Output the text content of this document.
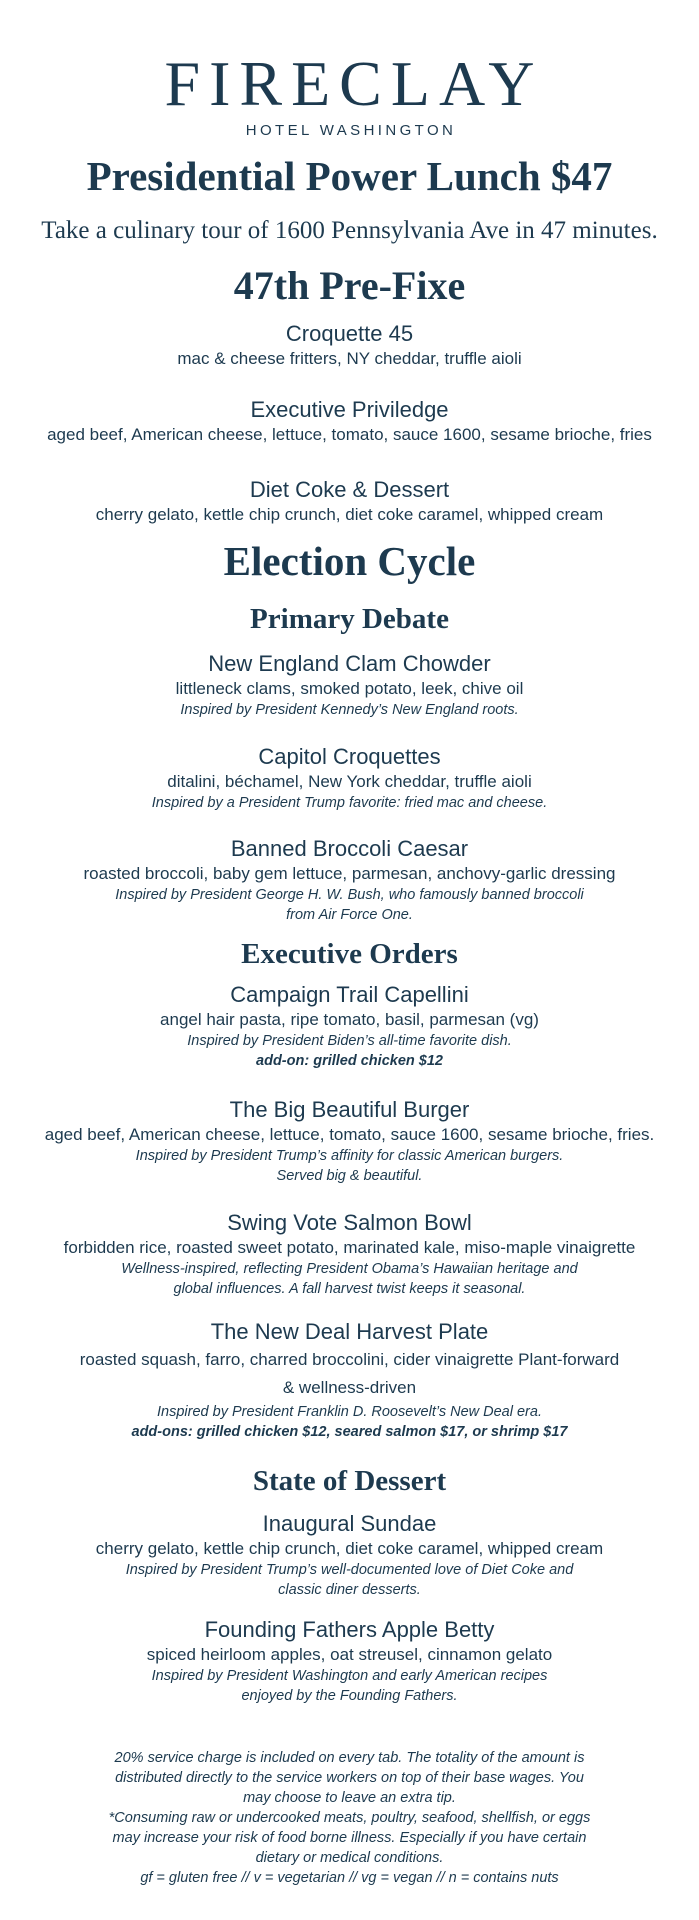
FIRECLAY
HOTEL WASHINGTON
Presidential Power Lunch $47
Take a culinary tour of 1600 Pennsylvania Ave in 47 minutes.
47th Pre-Fixe
Croquette 45
mac & cheese fritters, NY cheddar, truffle aioli
Executive Priviledge
aged beef, American cheese, lettuce, tomato, sauce 1600, sesame brioche, fries
Diet Coke & Dessert
cherry gelato, kettle chip crunch, diet coke caramel, whipped cream
Election Cycle
Primary Debate
New England Clam Chowder
littleneck clams, smoked potato, leek, chive oil
Inspired by President Kennedy’s New England roots.
Capitol Croquettes
ditalini, béchamel, New York cheddar, truffle aioli
Inspired by a President Trump favorite: fried mac and cheese.
Banned Broccoli Caesar
roasted broccoli, baby gem lettuce, parmesan, anchovy-garlic dressing
Inspired by President George H. W. Bush, who famously banned broccoli
from Air Force One.
Executive Orders
Campaign Trail Capellini
angel hair pasta, ripe tomato, basil, parmesan (vg)
Inspired by President Biden’s all-time favorite dish.
add-on: grilled chicken $12
The Big Beautiful Burger
aged beef, American cheese, lettuce, tomato, sauce 1600, sesame brioche, fries.
Inspired by President Trump’s affinity for classic American burgers.
Served big & beautiful.
Swing Vote Salmon Bowl
forbidden rice, roasted sweet potato, marinated kale, miso-maple vinaigrette
Wellness-inspired, reflecting President Obama’s Hawaiian heritage and
global influences. A fall harvest twist keeps it seasonal.
The New Deal Harvest Plate
roasted squash, farro, charred broccolini, cider vinaigrette Plant-forward
& wellness-driven
Inspired by President Franklin D. Roosevelt’s New Deal era.
add-ons: grilled chicken $12, seared salmon $17, or shrimp $17
State of Dessert
Inaugural Sundae
cherry gelato, kettle chip crunch, diet coke caramel, whipped cream
Inspired by President Trump’s well-documented love of Diet Coke and
classic diner desserts.
Founding Fathers Apple Betty
spiced heirloom apples, oat streusel, cinnamon gelato
Inspired by President Washington and early American recipes
enjoyed by the Founding Fathers.
20% service charge is included on every tab. The totality of the amount is
distributed directly to the service workers on top of their base wages. You
may choose to leave an extra tip.
*Consuming raw or undercooked meats, poultry, seafood, shellfish, or eggs
may increase your risk of food borne illness. Especially if you have certain
dietary or medical conditions.
gf = gluten free // v = vegetarian // vg = vegan // n = contains nuts
